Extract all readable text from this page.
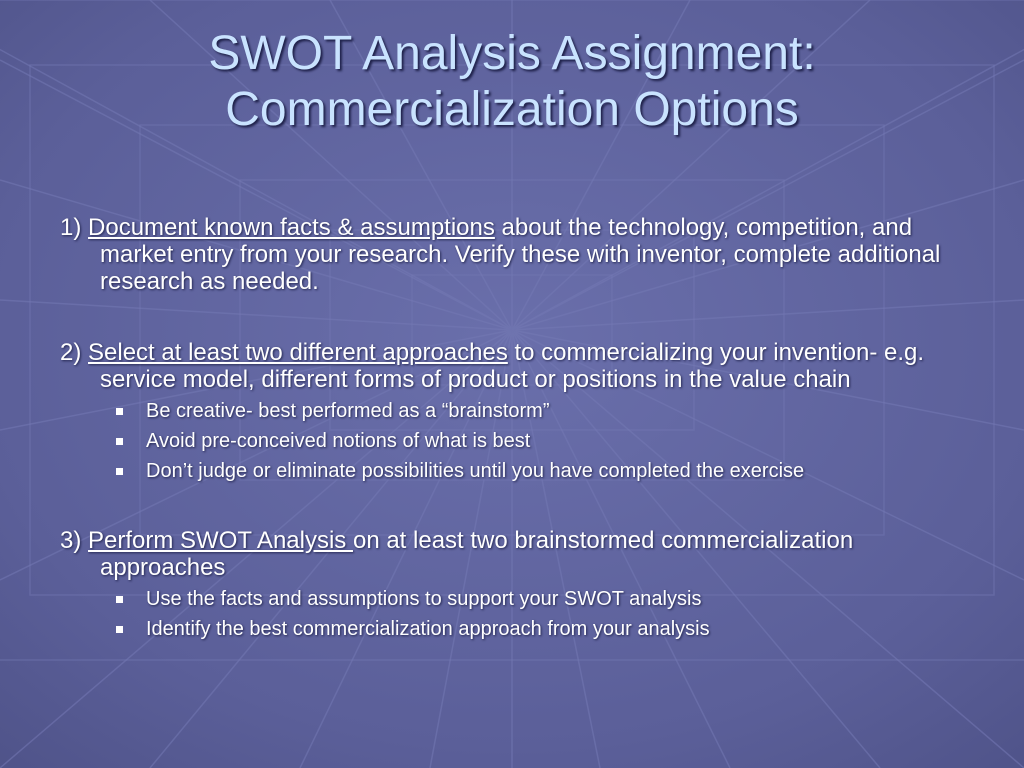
SWOT Analysis Assignment:
Commercialization Options

1) Document known facts & assumptions about the technology, competition, and market entry from your research. Verify these with inventor, complete additional research as needed.

2) Select at least two different approaches to commercializing your invention- e.g. service model, different forms of product or positions in the value chain

Be creative- best performed as a “brainstorm”
Avoid pre-conceived notions of what is best
Don’t judge or eliminate possibilities until you have completed the exercise

3) Perform SWOT Analysis on at least two brainstormed commercialization approaches

Use the facts and assumptions to support your SWOT analysis
Identify the best commercialization approach from your analysis
